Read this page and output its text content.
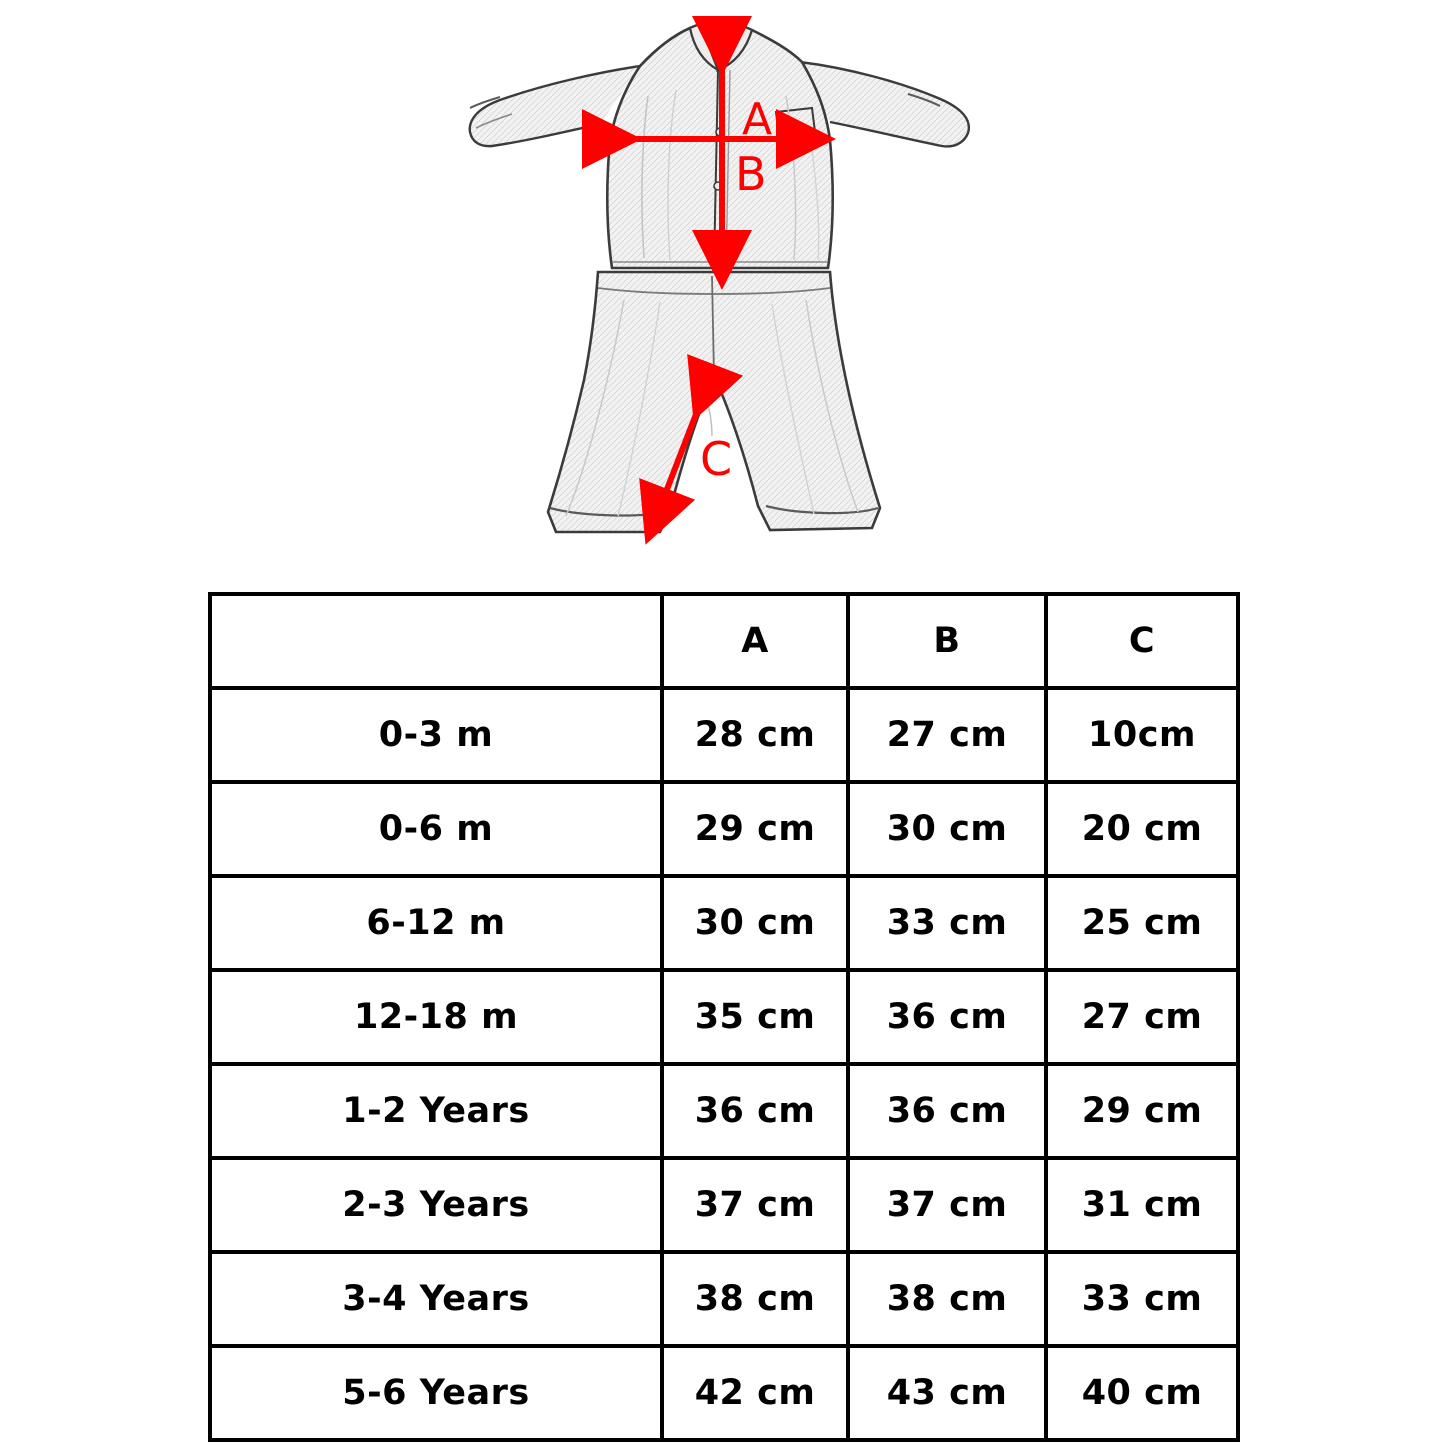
A
B
C
	A	B	C
0-3 m	28 cm	27 cm	10cm
0-6 m	29 cm	30 cm	20 cm
6-12 m	30 cm	33 cm	25 cm
12-18 m	35 cm	36 cm	27 cm
1-2 Years	36 cm	36 cm	29 cm
2-3 Years	37 cm	37 cm	31 cm
3-4 Years	38 cm	38 cm	33 cm
5-6 Years	42 cm	43 cm	40 cm
